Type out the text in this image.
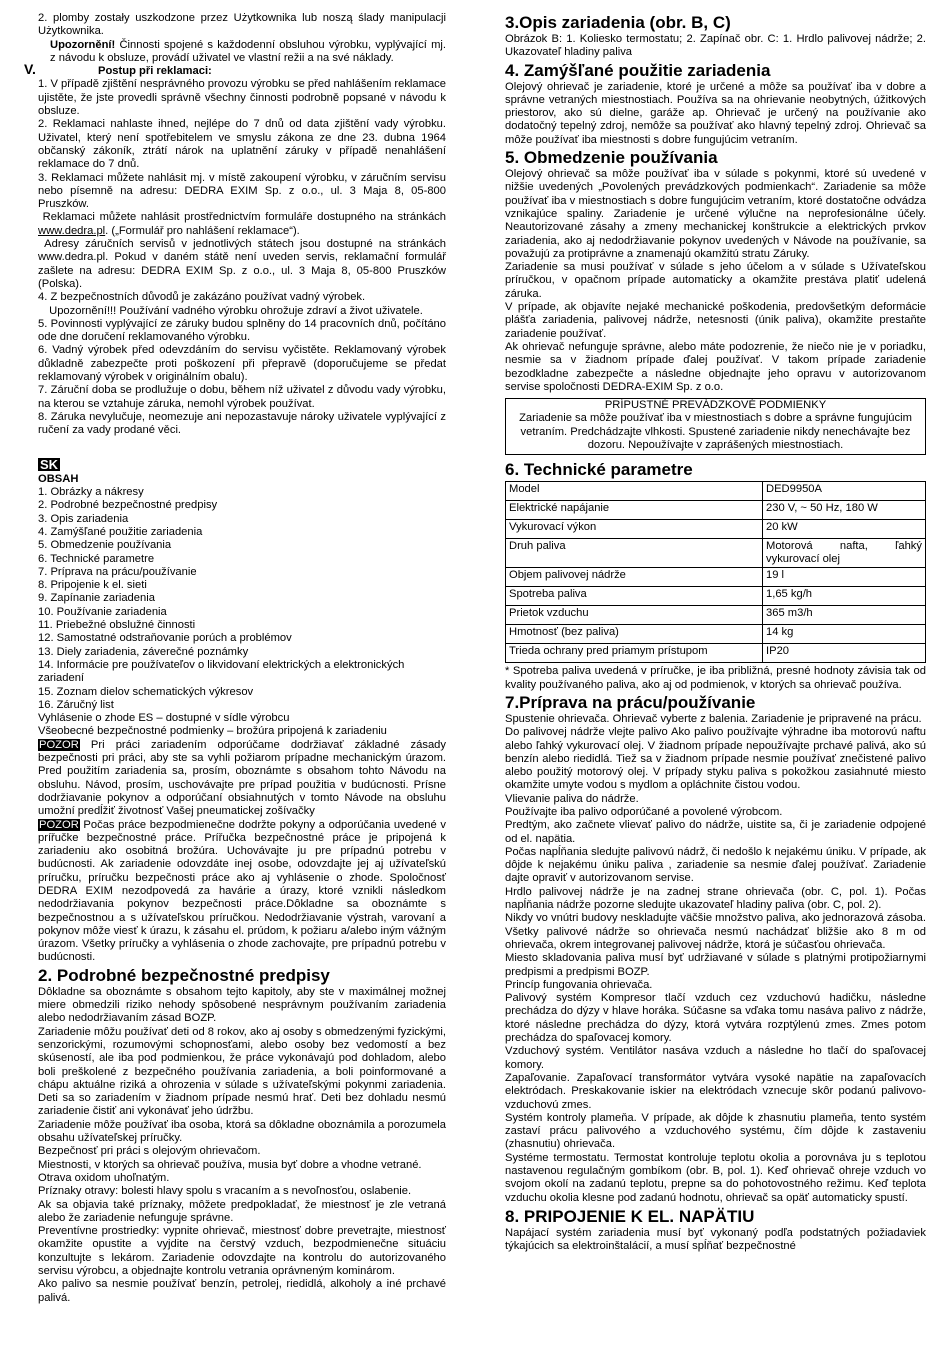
2. plomby zostały uszkodzone przez Użytkownika lub noszą ślady manipulacji Użytkownika.

Upozornění! Činnosti spojené s každodenní obsluhou výrobku, vyplývající mj. z návodu k obsluze, provádí uživatel ve vlastní režii a na své náklady.

V.	Postup při reklamaci:

1. V případě zjištění nesprávného provozu výrobku se před nahlášením reklamace ujistěte, že jste provedli správně všechny činnosti podrobně popsané v návodu k obsluze.

2. Reklamaci nahlaste ihned, nejlépe do 7 dnů od data zjištění vady výrobku. Uživatel, který není spotřebitelem ve smyslu zákona ze dne 23. dubna 1964 občanský zákoník, ztrátí nárok na uplatnění záruky v případě nenahlášení reklamace do 7 dnů.

3. Reklamaci můžete nahlásit mj. v místě zakoupení výrobku, v záručním servisu nebo písemně na adresu: DEDRA EXIM Sp. z o.o., ul. 3 Maja 8, 05-800 Pruszków.

Reklamaci můžete nahlásit prostřednictvím formuláře dostupného na stránkách www.dedra.pl. („Formulář pro nahlášení reklamace“).

Adresy záručních servisů v jednotlivých státech jsou dostupné na stránkách www.dedra.pl. Pokud v daném státě není uveden servis, reklamační formulář zašlete na adresu: DEDRA EXIM Sp. z o.o., ul. 3 Maja 8, 05-800 Pruszków (Polska).

4. Z bezpečnostních důvodů je zakázáno používat vadný výrobek.

Upozornění!!! Používání vadného výrobku ohrožuje zdraví a život uživatele.

5. Povinnosti vyplývající ze záruky budou splněny do 14 pracovních dnů, počítáno ode dne doručení reklamovaného výrobku.

6. Vadný výrobek před odevzdáním do servisu vyčistěte. Reklamovaný výrobek důkladně zabezpečte proti poškození při přepravě (doporučujeme se předat reklamovaný výrobek v originálním obalu).

7. Záruční doba se prodlužuje o dobu, během níž uživatel z důvodu vady výrobku, na kterou se vztahuje záruka, nemohl výrobek používat.

8. Záruka nevylučuje, neomezuje ani nepozastavuje nároky uživatele vyplývající z ručení za vady prodané věci.

SK

OBSAH

1. Obrázky a nákresy

2. Podrobné bezpečnostné predpisy

3. Opis zariadenia

4. Zamýšľané použitie zariadenia

5. Obmedzenie používania

6. Technické parametre

7. Príprava na prácu/používanie

8. Pripojenie k el. sieti

9. Zapínanie zariadenia

10. Používanie zariadenia

11. Priebežné obslužné činnosti

12. Samostatné odstraňovanie porúch a problémov

13. Diely zariadenia, záverečné poznámky

14. Informácie pre používateľov o likvidovaní elektrických a elektronických zariadení

15. Zoznam dielov schematických výkresov

16. Záručný list

Vyhlásenie o zhode ES – dostupné v sídle výrobcu

Všeobecné bezpečnostné podmienky – brožúra pripojená k zariadeniu

POZOR Pri práci zariadením odporúčame dodržiavať základné zásady bezpečnosti pri práci, aby ste sa vyhli požiarom prípadne mechanickým úrazom. Pred použitím zariadenia sa, prosím, oboznámte s obsahom tohto Návodu na obsluhu. Návod, prosím, uschovávajte pre prípad použitia v budúcnosti. Prísne dodržiavanie pokynov a odporúčaní obsiahnutých v tomto Návode na obsluhu umožní predĺžiť životnosť Vašej pneumatickej zošívačky

POZOR Počas práce bezpodmienečne dodržte pokyny a odporúčania uvedené v prířučke bezpečnostné práce. Prířučka bezpečnostné práce je pripojená k zariadeniu ako osobitná brožúra. Uchovávajte ju pre prípadnú potrebu v budúcnosti. Ak zariadenie odovzdáte inej osobe, odovzdajte jej aj užívateľskú príručku, príručku bezpečnosti práce ako aj vyhlásenie o zhode. Spoločnosť DEDRA EXIM nezodpovedá za havárie a úrazy, ktoré vznikli následkom nedodržiavania pokynov bezpečnosti práce.Dôkladne sa oboznámte s bezpečnostnou a s užívateľskou príručkou. Nedodržiavanie výstrah, varovaní a pokynov môže viesť k úrazu, k zásahu el. prúdom, k požiaru a/alebo iným vážným úrazom. Všetky príručky a vyhlásenia o zhode zachovajte, pre prípadnú potrebu v budúcnosti.

2. Podrobné bezpečnostné predpisy

Dôkladne sa oboznámte s obsahom tejto kapitoly, aby ste v maximálnej možnej miere obmedzili riziko nehody spôsobené nesprávnym používaním zariadenia alebo nedodržiavaním zásad BOZP.

Zariadenie môžu používať deti od 8 rokov, ako aj osoby s obmedzenými fyzickými, senzorickými, rozumovými schopnosťami, alebo osoby bez vedomostí a bez skúseností, ale iba pod podmienkou, že práce vykonávajú pod dohladom, alebo boli preškolené z bezpečného používania zariadenia, a boli poinformované a chápu aktuálne riziká a ohrozenia v súlade s užívateľskými pokynmi zariadenia. Deti sa so zariadením v žiadnom prípade nesmú hrať. Deti bez dohladu nesmú zariadenie čistiť ani vykonávať jeho údržbu.

Zariadenie môže používať iba osoba, ktorá sa dôkladne oboznámila a porozumela obsahu užívateľskej príručky.

Bezpečnosť pri práci s olejovým ohrievačom.

Miestnosti, v ktorých sa ohrievač používa, musia byť dobre a vhodne vetrané.

Otrava oxidom uhoľnatým.

Príznaky otravy: bolesti hlavy spolu s vracaním a s nevoľnosťou, oslabenie.

Ak sa objavia také príznaky, môžete predpokladať, že miestnosť je zle vetraná alebo že zariadenie nefunguje správne.

Preventívne prostriedky: vypnite ohrievač, miestnosť dobre prevetrajte, miestnosť okamžite opustite a vyjdite na čerstvý vzduch, bezpodmienečne situáciu konzultujte s lekárom. Zariadenie odovzdajte na kontrolu do autorizovaného servisu výrobcu, a objednajte kontrolu vetrania oprávneným kominárom.

Ako palivo sa nesmie používať benzín, petrolej, riedidlá, alkoholy a iné prchavé palivá.

3.Opis zariadenia (obr. B, C)

Obrázok B: 1. Koliesko termostatu; 2. Zapínač obr. C: 1. Hrdlo palivovej nádrže; 2. Ukazovateľ hladiny paliva

4. Zamýšľané použitie zariadenia

Olejový ohrievač je zariadenie, ktoré je určené a môže sa používať iba v dobre a správne vetraných miestnostiach. Používa sa na ohrievanie neobytných, úžitkových priestorov, ako sú dielne, garáže ap. Ohrievač je určený na používanie ako dodatočný tepelný zdroj, nemôže sa používať ako hlavný tepelný zdroj. Ohrievač sa môže používať iba miestnosti s dobre fungujúcim vetraním.

5. Obmedzenie používania

Olejový ohrievač sa môže používať iba v súlade s pokynmi, ktoré sú uvedené v nižšie uvedených „Povolených prevádzkových podmienkach“. Zariadenie sa môže používať iba v miestnostiach s dobre fungujúcim vetraním, ktoré dostatočne odvádza vznikajúce spaliny. Zariadenie je určené výlučne na neprofesionálne účely. Neautorizované zásahy a zmeny mechanickej konštrukcie a elektrických prvkov zariadenia, ako aj nedodržiavanie pokynov uvedených v Návode na používanie, sa považujú za protiprávne a znamenajú okamžitú stratu Záruky.

Zariadenie sa musi používať v súlade s jeho účelom a v súlade s Užívateľskou príručkou, v opačnom prípade automaticky a okamžite prestáva platiť udelená záruka.

V prípade, ak objavíte nejaké mechanické poškodenia, predovšetkým deformácie plášťa zariadenia, palivovej nádrže, netesnosti (únik paliva), okamžite prestaňte zariadenie používať.

Ak ohrievač nefunguje správne, alebo máte podozrenie, že niečo nie je v poriadku, nesmie sa v žiadnom prípade ďalej používať. V takom prípade zariadenie bezodkladne zabezpečte a následne objednajte jeho opravu v autorizovanom servise spoločnosti DEDRA-EXIM Sp. z o.o.

PRÍPUSTNÉ PREVÁDZKOVÉ PODMIENKY

Zariadenie sa môže používať iba v miestnostiach s dobre a správne fungujúcim vetraním. Predchádzajte vlhkosti. Spustené zariadenie nikdy nenechávajte bez dozoru. Nepoužívajte v zaprášených miestnostiach.

6. Technické parametre
Model	DED9950A
Elektrické napájanie	230 V, ~ 50 Hz, 180 W
Vykurovací výkon	20 kW
Druh paliva	Motorová nafta, ľahký vykurovací olej
Objem palivovej nádrže	19 l
Spotreba paliva	1,65 kg/h
Prietok vzduchu	365 m3/h
Hmotnosť (bez paliva)	14 kg
Trieda ochrany pred priamym prístupom	IP20

* Spotreba paliva uvedená v príručke, je iba približná, presné hodnoty závisia tak od kvality používaného paliva, ako aj od podmienok, v ktorých sa ohrievač používa.

7.Príprava na prácu/používanie

Spustenie ohrievača. Ohrievač vyberte z balenia. Zariadenie je pripravené na prácu.

Do palivovej nádrže vlejte palivo Ako palivo používajte výhradne iba motorovú naftu alebo ľahký vykurovací olej. V žiadnom prípade nepoužívajte prchavé palivá, ako sú benzín alebo riedidlá. Tiež sa v žiadnom prípade nesmie používať znečistené palivo alebo použitý motorový olej. V prípady styku paliva s pokožkou zasiahnuté miesto okamžite umyte vodou s mydlom a opláchnite čistou vodou.

Vlievanie paliva do nádrže.

Používajte iba palivo odporúčané a povolené výrobcom.

Predtým, ako začnete vlievať palivo do nádrže, uistite sa, či je zariadenie odpojené od el. napätia.

Počas napĺňania sledujte palivovú nádrž, či nedošlo k nejakému úniku. V prípade, ak dôjde k nejakému úniku paliva , zariadenie sa nesmie ďalej používať. Zariadenie dajte opraviť v autorizovanom servise.

Hrdlo palivovej nádrže je na zadnej strane ohrievača (obr. C, pol. 1). Počas napĺňania nádrže pozorne sledujte ukazovateľ hladiny paliva (obr. C, pol. 2).

Nikdy vo vnútri budovy neskladujte väčšie množstvo paliva, ako jednorazová zásoba.

Všetky palivové nádrže so ohrievača nesmú nachádzať bližšie ako 8 m od ohrievača, okrem integrovanej palivovej nádrže, ktorá je súčasťou ohrievača.

Miesto skladovania paliva musí byť udržiavané v súlade s platnými protipožiarnymi predpismi a predpismi BOZP.

Princíp fungovania ohrievača.

Palivový systém Kompresor tlačí vzduch cez vzduchovú hadičku, následne prechádza do dýzy v hlave horáka. Súčasne sa vďaka tomu nasáva palivo z nádrže, ktoré následne prechádza do dýzy, ktorá vytvára rozptýlenú zmes. Zmes potom prechádza do spaľovacej komory.

Vzduchový systém. Ventilátor nasáva vzduch a následne ho tlačí do spaľovacej komory.

Zapaľovanie. Zapaľovací transformátor vytvára vysoké napätie na zapaľovacích elektródach. Preskakovanie iskier na elektródach vznecuje skôr podanú palivovo-vzduchovú zmes.

Systém kontroly plameňa. V prípade, ak dôjde k zhasnutiu plameňa, tento systém zastaví prácu palivového a vzduchového systému, čím dôjde k zastaveniu (zhasnutiu) ohrievača.

Systéme termostatu. Termostat kontroluje teplotu okolia a porovnáva ju s teplotou nastavenou regulačným gombíkom (obr. B, pol. 1). Keď ohrievač ohreje vzduch vo svojom okolí na zadanú teplotu, prepne sa do pohotovostného režimu. Keď teplota vzduchu okolia klesne pod zadanú hodnotu, ohrievač sa opäť automaticky spustí.

8. PRIPOJENIE K EL. NAPÄTIU

Napájací systém zariadenia musí byť vykonaný podľa podstatných požiadaviek týkajúcich sa elektroinštalácií, a musí spĺňať bezpečnostné
